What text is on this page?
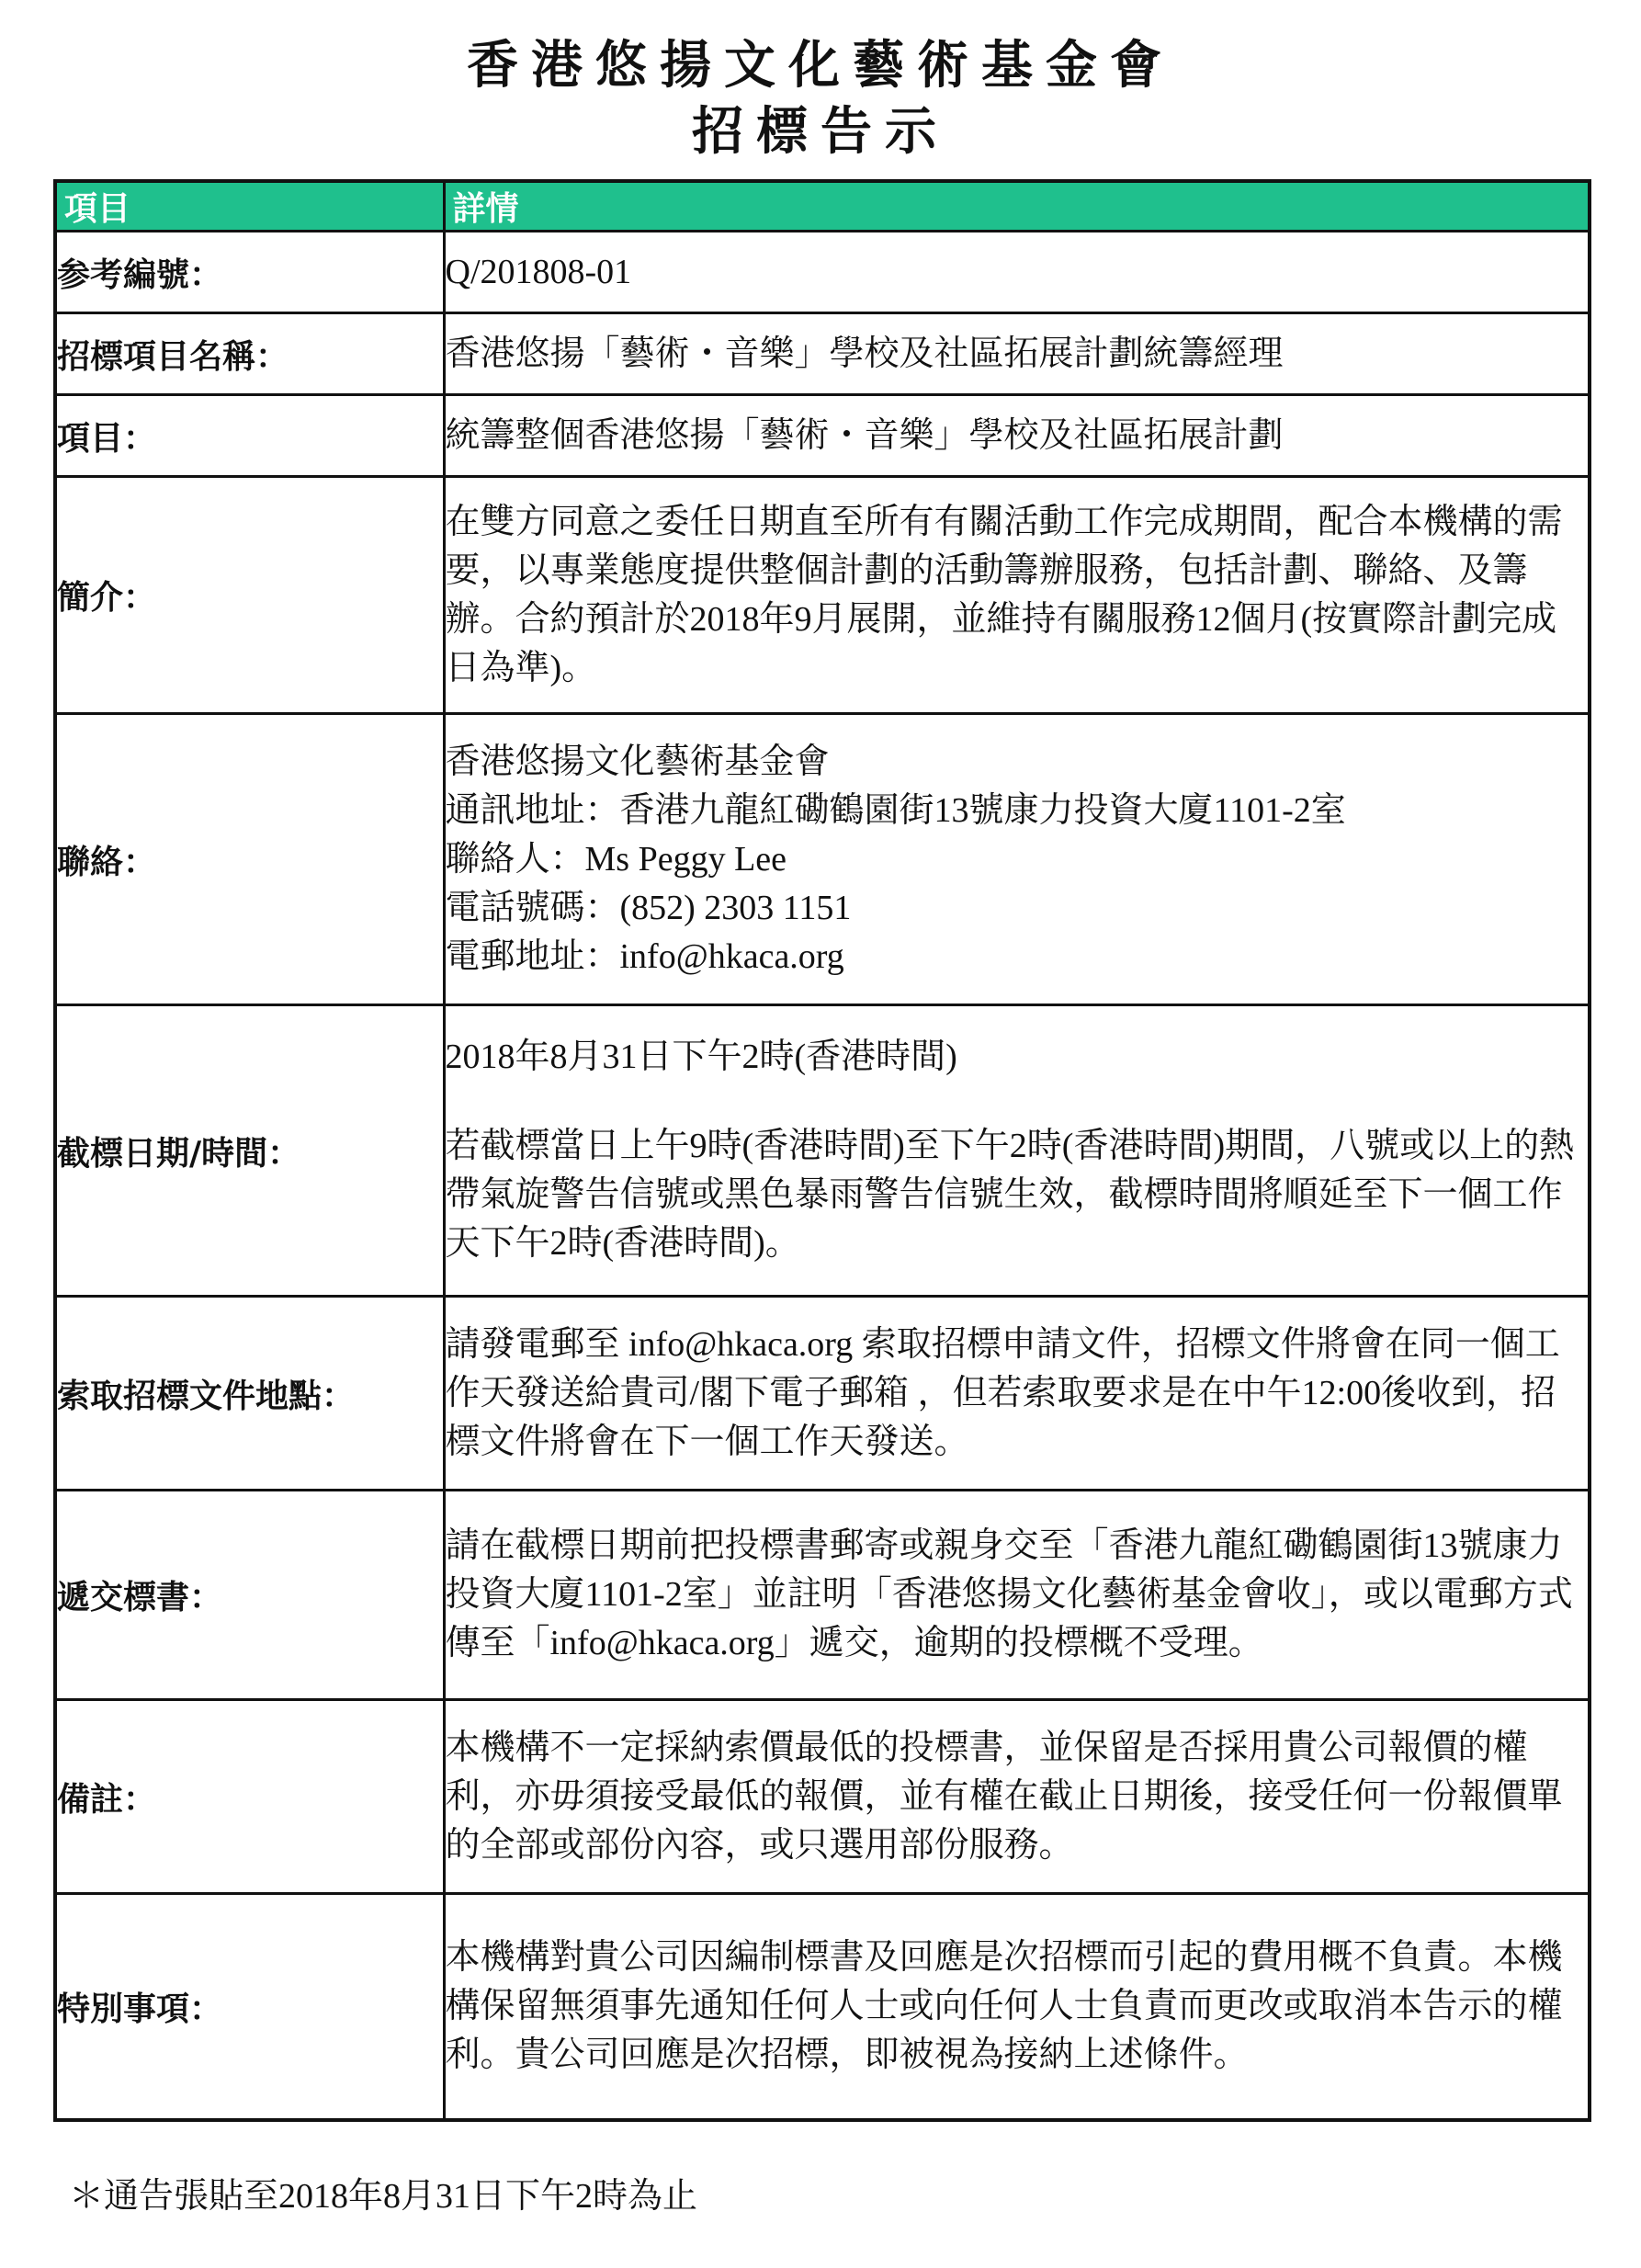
香港悠揚文化藝術基金會
招標告示
項目	詳情
参考編號：	Q/201808-01

招標項目名稱：	香港悠揚「藝術・音樂」學校及社區拓展計劃統籌經理

項目：	統籌整個香港悠揚「藝術・音樂」學校及社區拓展計劃

簡介：	在雙方同意之委任日期直至所有有關活動工作完成期間，配合本機構的需要，以專業態度提供整個計劃的活動籌辦服務，包括計劃、聯絡、及籌辦。合約預計於2018年9月展開，並維持有關服務12個月(按實際計劃完成日為準)。

聯絡：	香港悠揚文化藝術基金會
通訊地址：香港九龍紅磡鶴園街13號康力投資大廈1101-2室
聯絡人：Ms Peggy Lee
電話號碼：(852) 2303 1151
電郵地址：info@hkaca.org

截標日期/時間：	2018年8月31日下午2時(香港時間)
若截標當日上午9時(香港時間)至下午2時(香港時間)期間，八號或以上的熱帶氣旋警告信號或黑色暴雨警告信號生效，截標時間將順延至下一個工作天下午2時(香港時間)。

索取招標文件地點：	請發電郵至 info@hkaca.org 索取招標申請文件，招標文件將會在同一個工作天發送給貴司/閣下電子郵箱 ，但若索取要求是在中午12:00後收到，招標文件將會在下一個工作天發送。

遞交標書：	請在截標日期前把投標書郵寄或親身交至「香港九龍紅磡鶴園街13號康力投資大廈1101-2室」並註明「香港悠揚文化藝術基金會收」，或以電郵方式傳至「info@hkaca.org」遞交，逾期的投標概不受理。

備註：	本機構不一定採納索價最低的投標書，並保留是否採用貴公司報價的權利，亦毋須接受最低的報價，並有權在截止日期後，接受任何一份報價單的全部或部份內容，或只選用部份服務。

特別事項：	本機構對貴公司因編制標書及回應是次招標而引起的費用概不負責。本機構保留無須事先通知任何人士或向任何人士負責而更改或取消本告示的權利。貴公司回應是次招標，即被視為接納上述條件。
＊通告張貼至2018年8月31日下午2時為止
